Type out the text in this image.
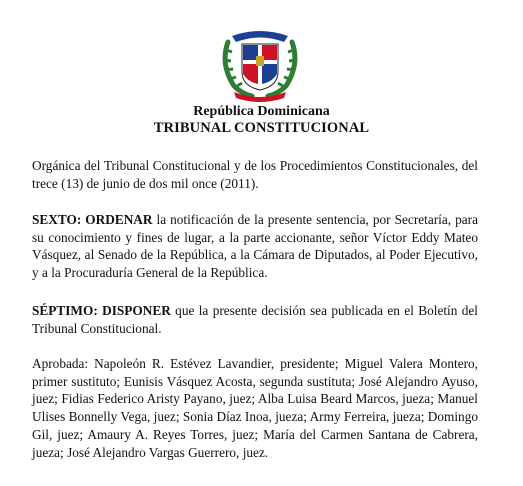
República Dominicana
TRIBUNAL CONSTITUCIONAL

Orgánica del Tribunal Constitucional y de los Procedimientos Constitucionales, del trece (13) de junio de dos mil once (2011).

SEXTO: ORDENAR la notificación de la presente sentencia, por Secretaría, para su conocimiento y fines de lugar, a la parte accionante, señor Víctor Eddy Mateo Vásquez, al Senado de la República, a la Cámara de Diputados, al Poder Ejecutivo, y a la Procuraduría General de la República.

SÉPTIMO: DISPONER que la presente decisión sea publicada en el Boletín del Tribunal Constitucional.

Aprobada: Napoleón R. Estévez Lavandier, presidente; Miguel Valera Montero, primer sustituto; Eunisis Vásquez Acosta, segunda sustituta; José Alejandro Ayuso, juez; Fidias Federico Aristy Payano, juez; Alba Luisa Beard Marcos, jueza; Manuel Ulises Bonnelly Vega, juez; Sonia Díaz Inoa, jueza; Army Ferreira, jueza; Domingo Gil, juez; Amaury A. Reyes Torres, juez; María del Carmen Santana de Cabrera, jueza; José Alejandro Vargas Guerrero, juez.
